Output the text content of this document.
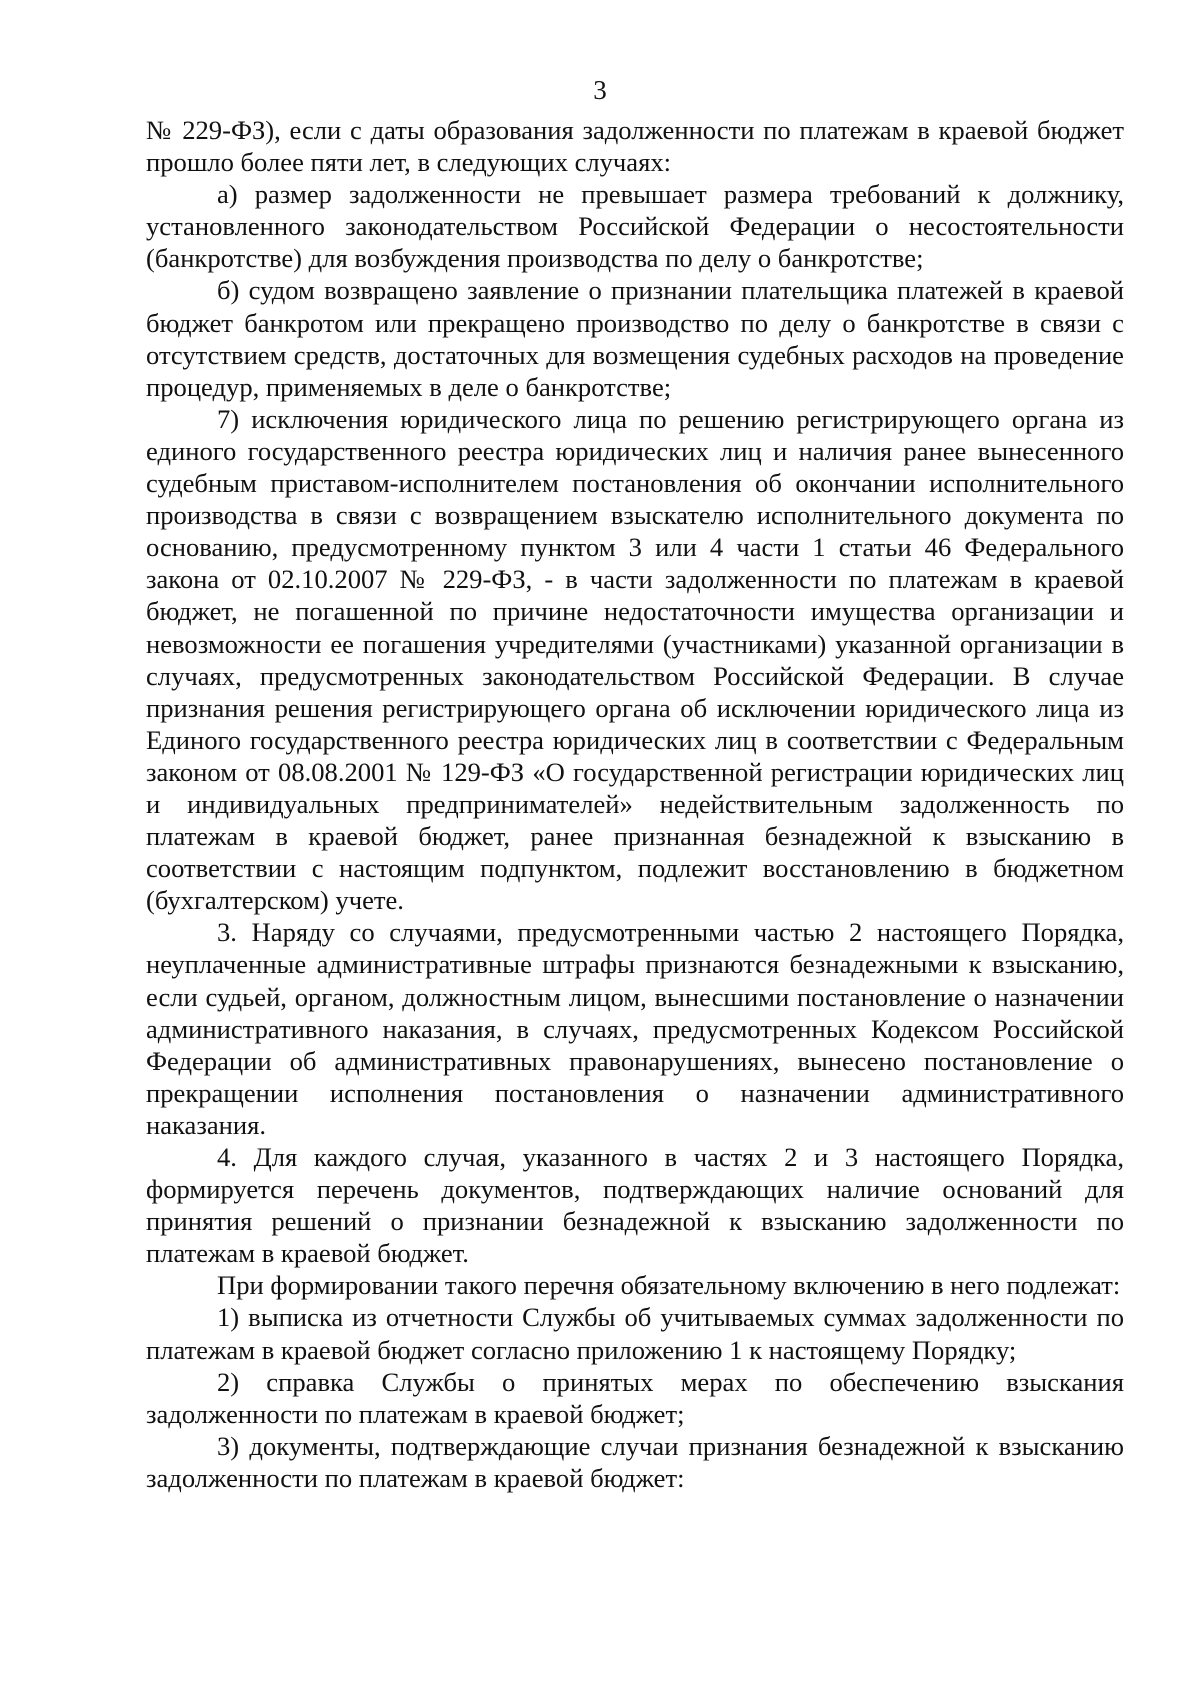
3

№ 229-ФЗ), если с даты образования задолженности по платежам в краевой бюджет прошло более пяти лет, в следующих случаях:

а) размер задолженности не превышает размера требований к должнику, установленного законодательством Российской Федерации о несостоятельности (банкротстве) для возбуждения производства по делу о банкротстве;

б) судом возвращено заявление о признании плательщика платежей в краевой бюджет банкротом или прекращено производство по делу о банкротстве в связи с отсутствием средств, достаточных для возмещения судебных расходов на проведение процедур, применяемых в деле о банкротстве;

7) исключения юридического лица по решению регистрирующего органа из единого государственного реестра юридических лиц и наличия ранее вынесенного судебным приставом-исполнителем постановления об окончании исполнительного производства в связи с возвращением взыскателю исполнительного документа по основанию, предусмотренному пунктом 3 или 4 части 1 статьи 46 Федерального закона от 02.10.2007 № 229-ФЗ, - в части задолженности по платежам в краевой бюджет, не погашенной по причине недостаточности имущества организации и невозможности ее погашения учредителями (участниками) указанной организации в случаях, предусмотренных законодательством Российской Федерации. В случае признания решения регистрирующего органа об исключении юридического лица из Единого государственного реестра юридических лиц в соответствии с Федеральным законом от 08.08.2001 № 129-ФЗ «О государственной регистрации юридических лиц и индивидуальных предпринимателей» недействительным задолженность по платежам в краевой бюджет, ранее признанная безнадежной к взысканию в соответствии с настоящим подпунктом, подлежит восстановлению в бюджетном (бухгалтерском) учете.

3. Наряду со случаями, предусмотренными частью 2 настоящего Порядка, неуплаченные административные штрафы признаются безнадежными к взысканию, если судьей, органом, должностным лицом, вынесшими постановление о назначении административного наказания, в случаях, предусмотренных Кодексом Российской Федерации об административных правонарушениях, вынесено постановление о прекращении исполнения постановления о назначении административного наказания.

4. Для каждого случая, указанного в частях 2 и 3 настоящего Порядка, формируется перечень документов, подтверждающих наличие оснований для принятия решений о признании безнадежной к взысканию задолженности по платежам в краевой бюджет.

При формировании такого перечня обязательному включению в него подлежат:

1) выписка из отчетности Службы об учитываемых суммах задолженности по платежам в краевой бюджет согласно приложению 1 к настоящему Порядку;

2) справка Службы о принятых мерах по обеспечению взыскания задолженности по платежам в краевой бюджет;

3) документы, подтверждающие случаи признания безнадежной к взысканию задолженности по платежам в краевой бюджет:
